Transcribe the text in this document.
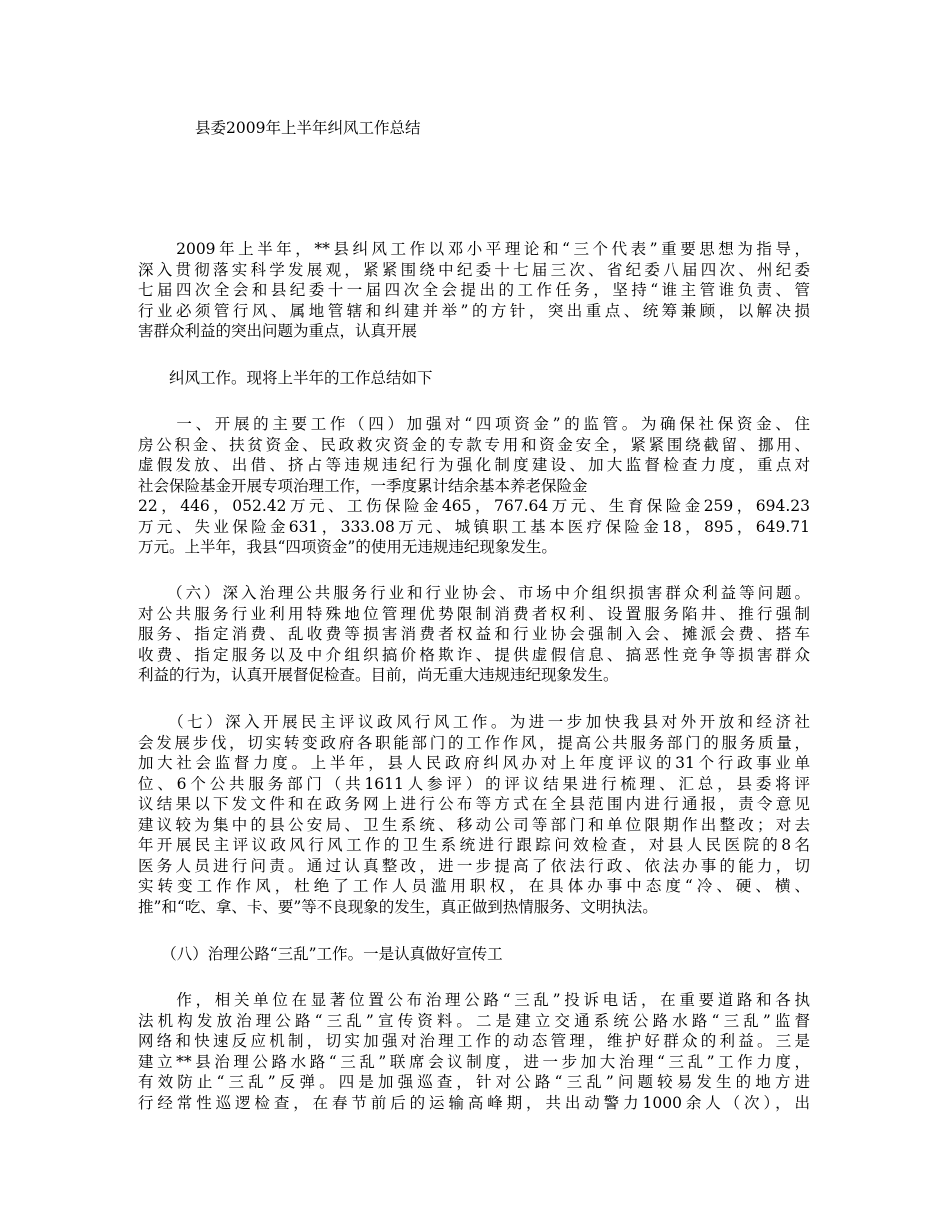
县委2009年上半年纠风工作总结
　　2009年上半年，**县纠风工作以邓小平理论和“三个代表”重要思想为指导，
深入贯彻落实科学发展观，紧紧围绕中纪委十七届三次、省纪委八届四次、州纪委
七届四次全会和县纪委十一届四次全会提出的工作任务，坚持“谁主管谁负责、管
行业必须管行风、属地管辖和纠建并举”的方针，突出重点、统筹兼顾，以解决损
害群众利益的突出问题为重点，认真开展
　　纠风工作。现将上半年的工作总结如下
　　一、开展的主要工作（四）加强对“四项资金”的监管。为确保社保资金、住
房公积金、扶贫资金、民政救灾资金的专款专用和资金安全，紧紧围绕截留、挪用、
虚假发放、出借、挤占等违规违纪行为强化制度建设、加大监督检查力度，重点对
社会保险基金开展专项治理工作，一季度累计结余基本养老保险金
22，446，052.42万元、工伤保险金465，767.64万元、生育保险金259，694.23
万元、失业保险金631，333.08万元、城镇职工基本医疗保险金18，895，649.71
万元。上半年，我县“四项资金”的使用无违规违纪现象发生。
　　（六）深入治理公共服务行业和行业协会、市场中介组织损害群众利益等问题。
对公共服务行业利用特殊地位管理优势限制消费者权利、设置服务陷井、推行强制
服务、指定消费、乱收费等损害消费者权益和行业协会强制入会、摊派会费、搭车
收费、指定服务以及中介组织搞价格欺诈、提供虚假信息、搞恶性竞争等损害群众
利益的行为，认真开展督促检查。目前，尚无重大违规违纪现象发生。
　　（七）深入开展民主评议政风行风工作。为进一步加快我县对外开放和经济社
会发展步伐，切实转变政府各职能部门的工作作风，提高公共服务部门的服务质量，
加大社会监督力度。上半年，县人民政府纠风办对上年度评议的31个行政事业单
位、6个公共服务部门（共1611人参评）的评议结果进行梳理、汇总，县委将评
议结果以下发文件和在政务网上进行公布等方式在全县范围内进行通报，责令意见
建议较为集中的县公安局、卫生系统、移动公司等部门和单位限期作出整改；对去
年开展民主评议政风行风工作的卫生系统进行跟踪问效检查，对县人民医院的8名
医务人员进行问责。通过认真整改，进一步提高了依法行政、依法办事的能力，切
实转变工作作风，杜绝了工作人员滥用职权，在具体办事中态度“冷、硬、横、
推”和“吃、拿、卡、要”等不良现象的发生，真正做到热情服务、文明执法。
　　（八）治理公路“三乱”工作。一是认真做好宣传工
　　作，相关单位在显著位置公布治理公路“三乱”投诉电话，在重要道路和各执
法机构发放治理公路“三乱”宣传资料。二是建立交通系统公路水路“三乱”监督
网络和快速反应机制，切实加强对治理工作的动态管理，维护好群众的利益。三是
建立**县治理公路水路“三乱”联席会议制度，进一步加大治理“三乱”工作力度，
有效防止“三乱”反弹。四是加强巡查，针对公路“三乱”问题较易发生的地方进
行经常性巡逻检查，在春节前后的运输高峰期，共出动警力1000余人（次），出
